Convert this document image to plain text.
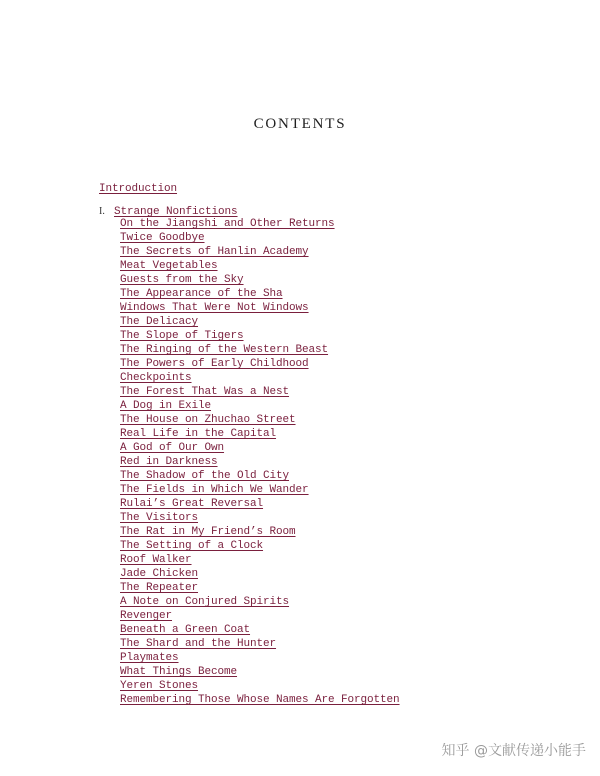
CONTENTS
Introduction
I. Strange Nonfictions
On the Jiangshi and Other Returns
Twice Goodbye
The Secrets of Hanlin Academy
Meat Vegetables
Guests from the Sky
The Appearance of the Sha
Windows That Were Not Windows
The Delicacy
The Slope of Tigers
The Ringing of the Western Beast
The Powers of Early Childhood
Checkpoints
The Forest That Was a Nest
A Dog in Exile
The House on Zhuchao Street
Real Life in the Capital
A God of Our Own
Red in Darkness
The Shadow of the Old City
The Fields in Which We Wander
Rulai’s Great Reversal
The Visitors
The Rat in My Friend’s Room
The Setting of a Clock
Roof Walker
Jade Chicken
The Repeater
A Note on Conjured Spirits
Revenger
Beneath a Green Coat
The Shard and the Hunter
Playmates
What Things Become
Yeren Stones
Remembering Those Whose Names Are Forgotten
知乎 @文献传递小能手
